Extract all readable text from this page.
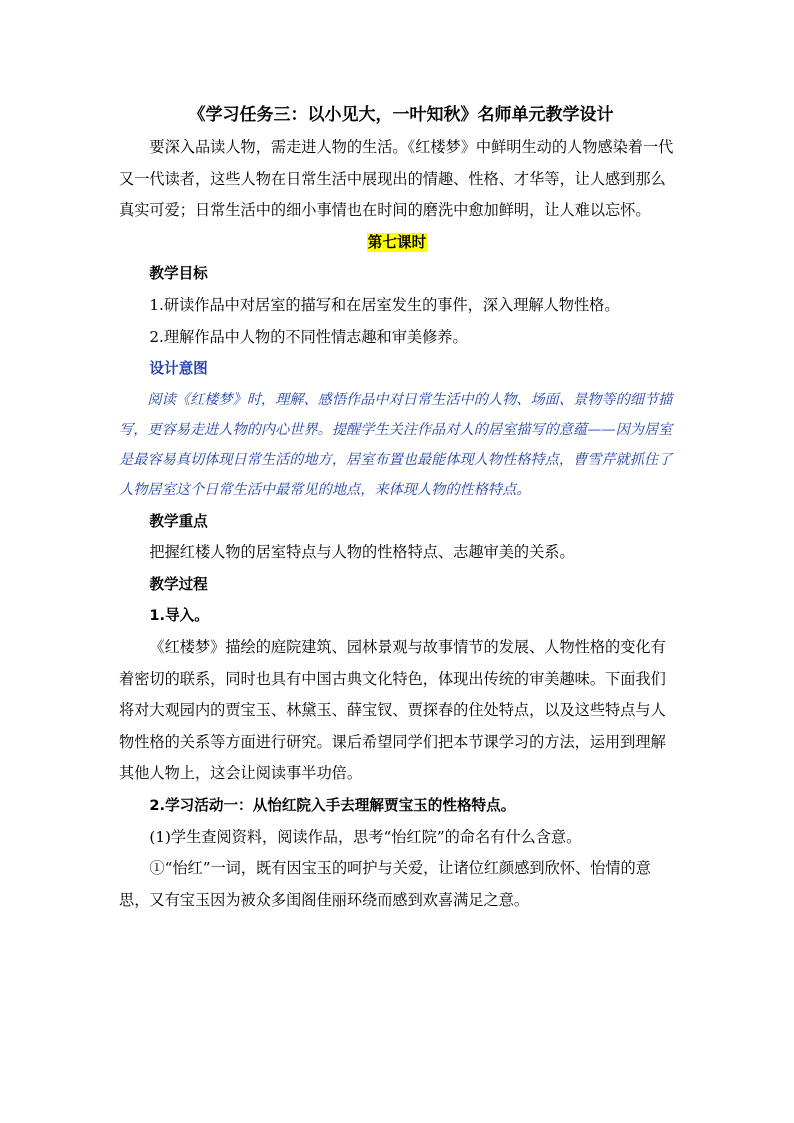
《学习任务三：以小见大，一叶知秋》名师单元教学设计

要深入品读人物，需走进人物的生活。《红楼梦》中鲜明生动的人物感染着一代又一代读者，这些人物在日常生活中展现出的情趣、性格、才华等，让人感到那么真实可爱；日常生活中的细小事情也在时间的磨洗中愈加鲜明，让人难以忘怀。

第七课时

教学目标

1.研读作品中对居室的描写和在居室发生的事件，深入理解人物性格。

2.理解作品中人物的不同性情志趣和审美修养。

设计意图

阅读《红楼梦》时，理解、感悟作品中对日常生活中的人物、场面、景物等的细节描写，更容易走进人物的内心世界。提醒学生关注作品对人的居室描写的意蕴——因为居室是最容易真切体现日常生活的地方，居室布置也最能体现人物性格特点，曹雪芹就抓住了人物居室这个日常生活中最常见的地点，来体现人物的性格特点。

教学重点

把握红楼人物的居室特点与人物的性格特点、志趣审美的关系。

教学过程

1.导入。

《红楼梦》描绘的庭院建筑、园林景观与故事情节的发展、人物性格的变化有着密切的联系，同时也具有中国古典文化特色，体现出传统的审美趣味。下面我们将对大观园内的贾宝玉、林黛玉、薛宝钗、贾探春的住处特点，以及这些特点与人物性格的关系等方面进行研究。课后希望同学们把本节课学习的方法，运用到理解其他人物上，这会让阅读事半功倍。

2.学习活动一：从怡红院入手去理解贾宝玉的性格特点。

(1)学生查阅资料，阅读作品，思考“怡红院”的命名有什么含意。

①“怡红”一词，既有因宝玉的呵护与关爱，让诸位红颜感到欣怀、怡情的意思，又有宝玉因为被众多闺阁佳丽环绕而感到欢喜满足之意。
